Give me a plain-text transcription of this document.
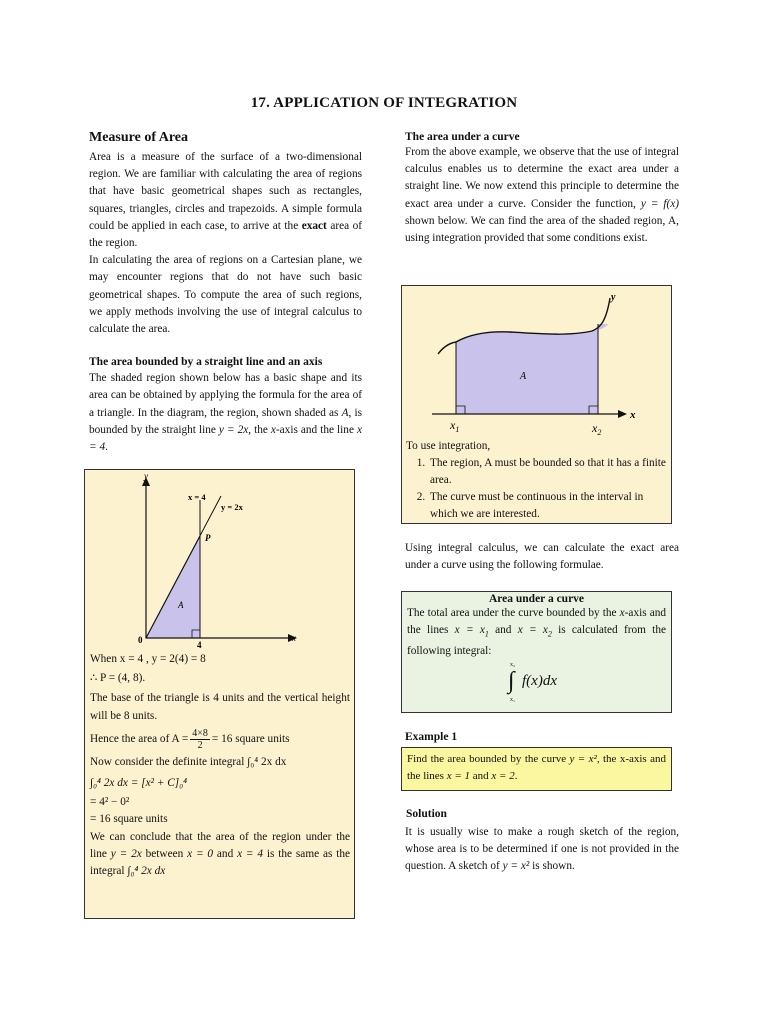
17. APPLICATION OF INTEGRATION
Measure of Area

Area is a measure of the surface of a two-dimensional region. We are familiar with calculating the area of regions that have basic geometrical shapes such as rectangles, squares, triangles, circles and trapezoids. A simple formula could be applied in each case, to arrive at the exact area of the region.

In calculating the area of regions on a Cartesian plane, we may encounter regions that do not have such basic geometrical shapes. To compute the area of such regions, we apply methods involving the use of integral calculus to calculate the area.

The area bounded by a straight line and an axis

The shaded region shown below has a basic shape and its area can be obtained by applying the formula for the area of a triangle. In the diagram, the region, shown shaded as A, is bounded by the straight line y = 2x, the x-axis and the line x = 4.

y
x
x = 4
y = 2x
P
A
0	4

When x = 4 , y = 2(4) = 8

∴ P = (4, 8).

The base of the triangle is 4 units and the vertical height will be 8 units.

Hence the area of $A = \frac{4\times 8}{2} = 16$ square units

Now consider the definite integral ∫₀⁴ 2x dx

∫₀⁴ 2x dx = [x² + C]₀⁴

= 4² − 0²

= 16 square units

We can conclude that the area of the region under the line y = 2x between x = 0 and x = 4 is the same as the integral ∫₀⁴ 2x dx

The area under a curve

From the above example, we observe that the use of integral calculus enables us to determine the exact area under a straight line. We now extend this principle to determine the exact area under a curve. Consider the function, y = f(x) shown below. We can find the area of the shaded region, A, using integration provided that some conditions exist.

y
x
A
$x_1$	$x_2$

To use integration,

1. The region, A must be bounded so that it has a finite area.
2. The curve must be continuous in the interval in which we are interested.

Using integral calculus, we can calculate the exact area under a curve using the following formulae.

Area under a curve

The total area under the curve bounded by the x-axis and the lines $x = x_1$ and $x = x_2$ is calculated from the following integral:

x₂
∫
x₁
f(x)dx
Example 1

Find the area bounded by the curve y = x², the x-axis and the lines x = 1 and x = 2.

Solution

It is usually wise to make a rough sketch of the region, whose area is to be determined if one is not provided in the question. A sketch of y = x² is shown.
